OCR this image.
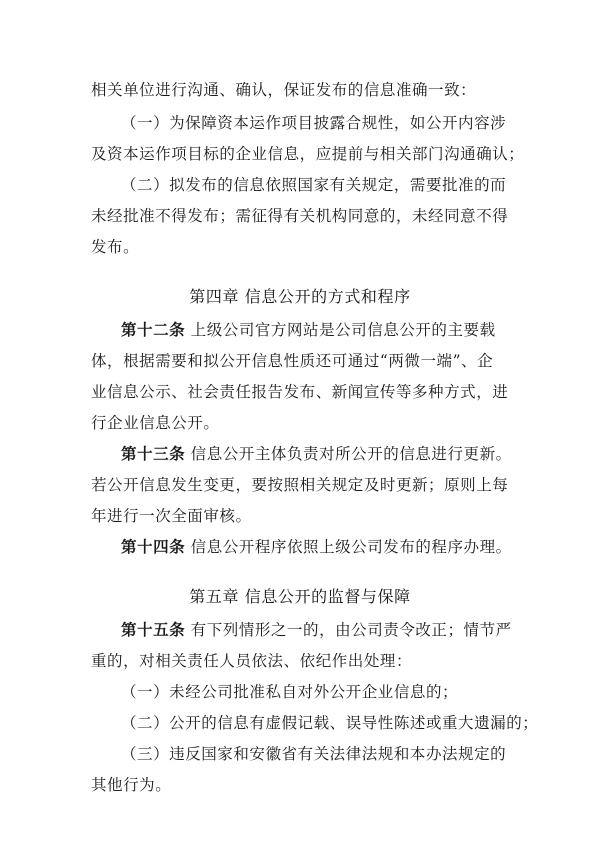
相关单位进行沟通、确认，保证发布的信息准确一致：
（一）为保障资本运作项目披露合规性，如公开内容涉
及资本运作项目标的企业信息，应提前与相关部门沟通确认；
（二）拟发布的信息依照国家有关规定，需要批准的而
未经批准不得发布；需征得有关机构同意的，未经同意不得
发布。
第四章 信息公开的方式和程序
第十二条 上级公司官方网站是公司信息公开的主要载
体，根据需要和拟公开信息性质还可通过“两微一端”、企
业信息公示、社会责任报告发布、新闻宣传等多种方式，进
行企业信息公开。
第十三条 信息公开主体负责对所公开的信息进行更新。
若公开信息发生变更，要按照相关规定及时更新；原则上每
年进行一次全面审核。
第十四条 信息公开程序依照上级公司发布的程序办理。
第五章 信息公开的监督与保障
第十五条 有下列情形之一的，由公司责令改正；情节严
重的，对相关责任人员依法、依纪作出处理：
（一）未经公司批准私自对外公开企业信息的；
（二）公开的信息有虚假记载、误导性陈述或重大遗漏的；
（三）违反国家和安徽省有关法律法规和本办法规定的
其他行为。
